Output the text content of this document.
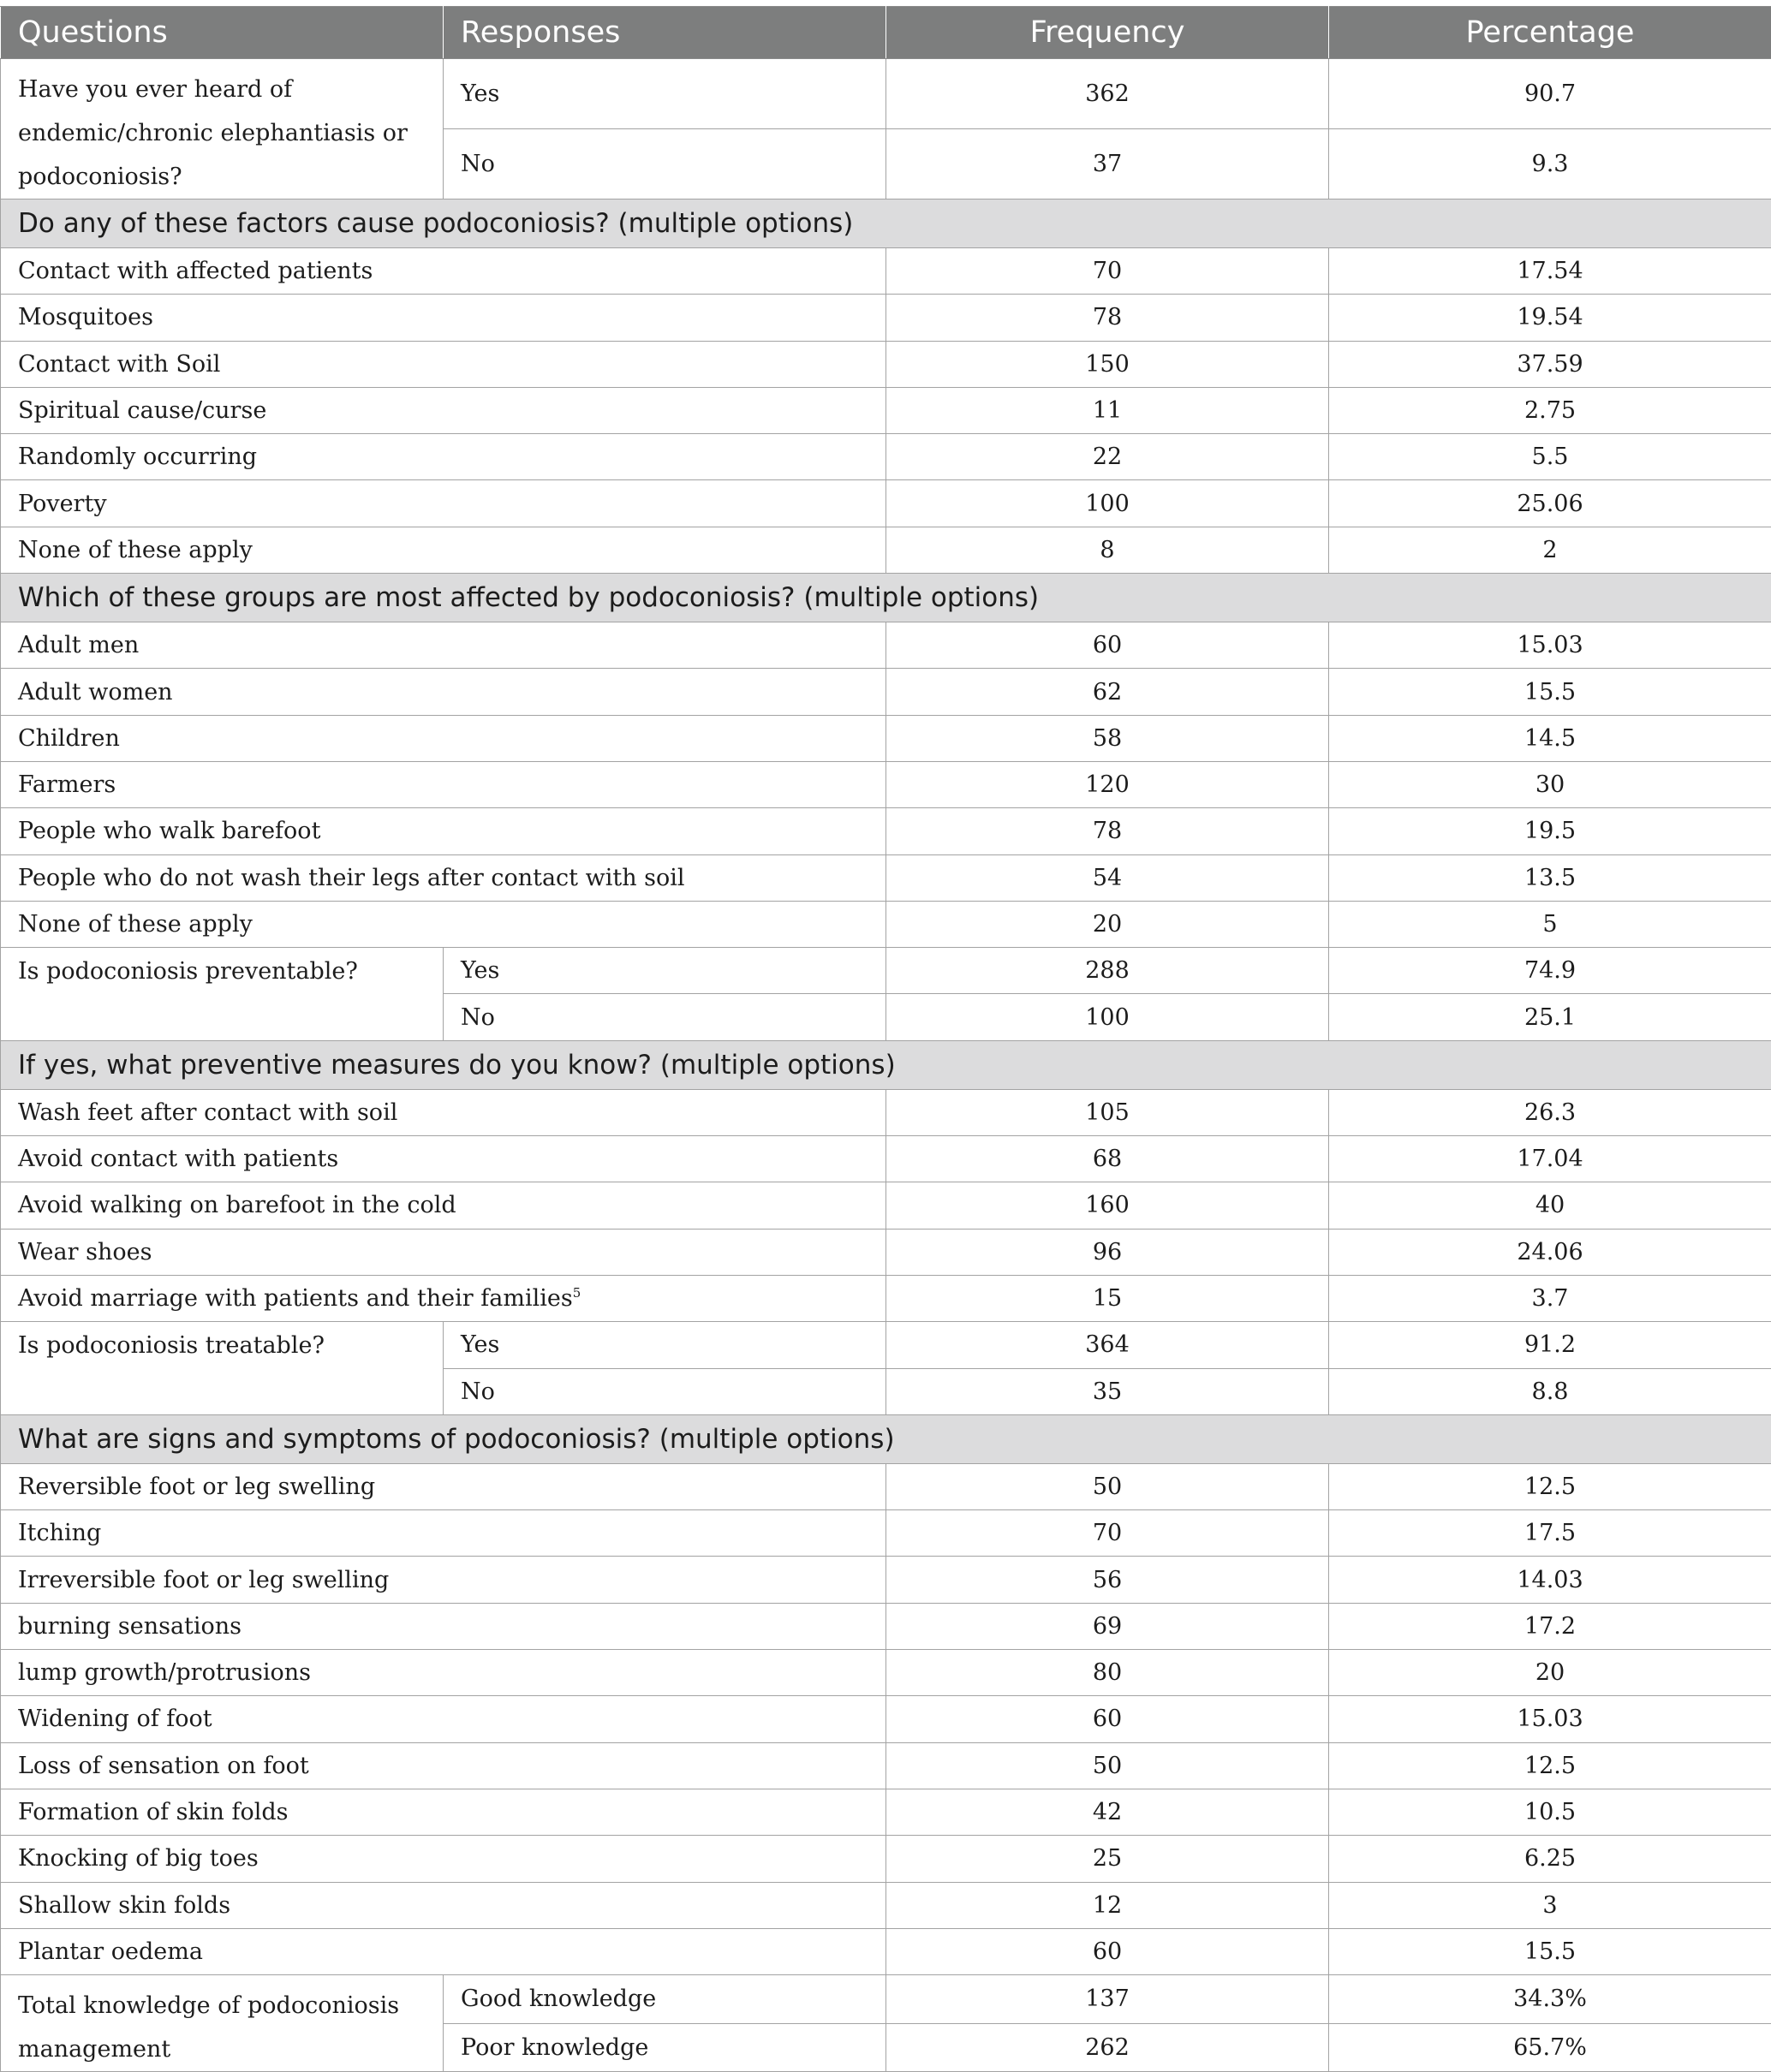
Questions	Responses	Frequency	Percentage
Have you ever heard of endemic/chronic elephantiasis or podoconiosis?	Yes	362	90.7
	No	37	9.3
Do any of these factors cause podoconiosis? (multiple options)			
Contact with affected patients		70	17.54
Mosquitoes		78	19.54
Contact with Soil		150	37.59
Spiritual cause/curse		11	2.75
Randomly occurring		22	5.5
Poverty		100	25.06
None of these apply		8	2
Which of these groups are most affected by podoconiosis? (multiple options)			
Adult men		60	15.03
Adult women		62	15.5
Children		58	14.5
Farmers		120	30
People who walk barefoot		78	19.5
People who do not wash their legs after contact with soil		54	13.5
None of these apply		20	5
Is podoconiosis preventable?	Yes	288	74.9
	No	100	25.1
If yes, what preventive measures do you know? (multiple options)			
Wash feet after contact with soil		105	26.3
Avoid contact with patients		68	17.04
Avoid walking on barefoot in the cold		160	40
Wear shoes		96	24.06
Avoid marriage with patients and their families$^5$		15	3.7
Is podoconiosis treatable?	Yes	364	91.2
	No	35	8.8
What are signs and symptoms of podoconiosis? (multiple options)			
Reversible foot or leg swelling		50	12.5
Itching		70	17.5
Irreversible foot or leg swelling		56	14.03
burning sensations		69	17.2
lump growth/protrusions		80	20
Widening of foot		60	15.03
Loss of sensation on foot		50	12.5
Formation of skin folds		42	10.5
Knocking of big toes		25	6.25
Shallow skin folds		12	3
Plantar oedema		60	15.5
Total knowledge of podoconiosis management	Good knowledge	137	34.3%
	Poor knowledge	262	65.7%
